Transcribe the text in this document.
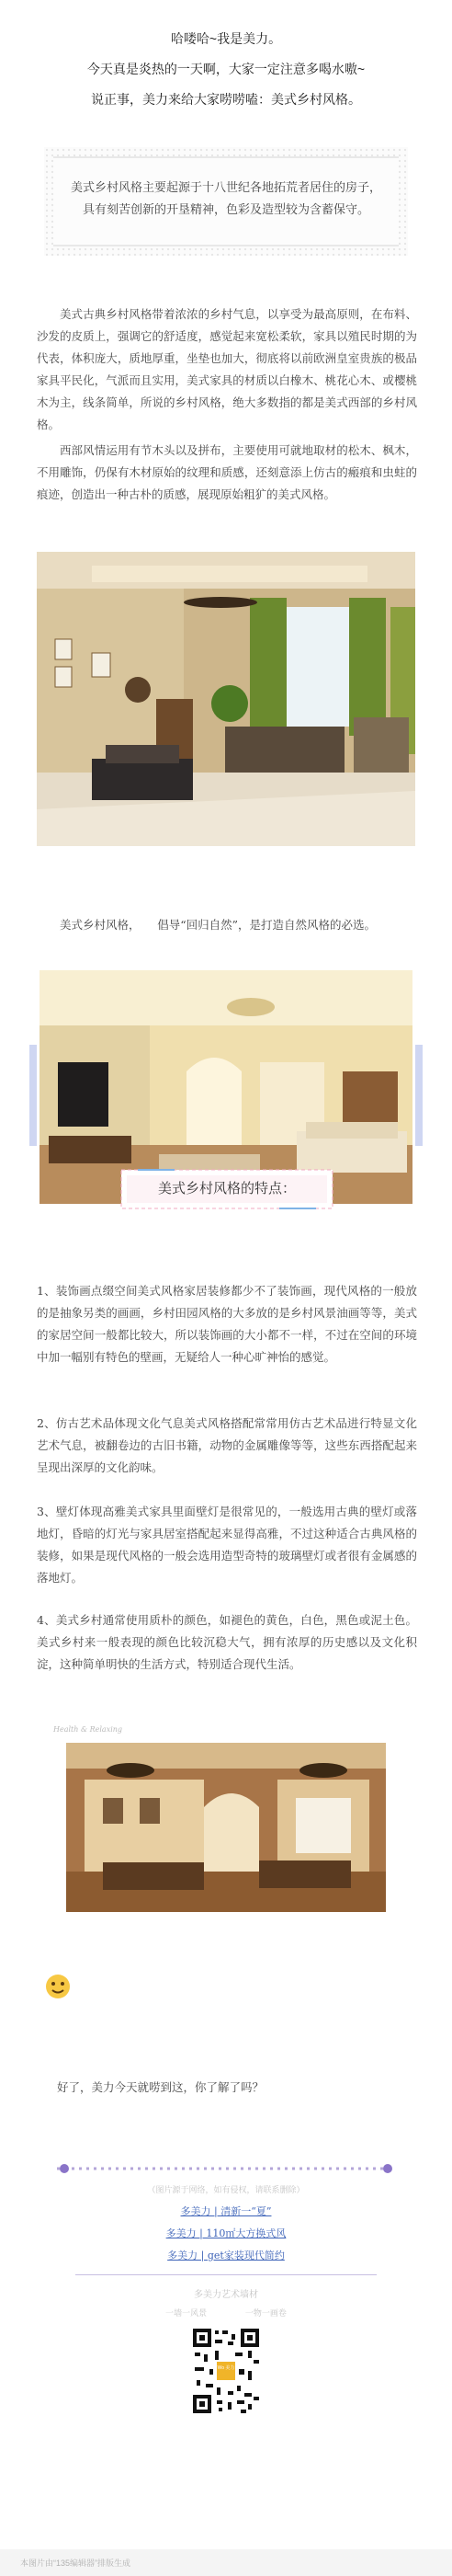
哈喽哈~我是美力。
今天真是炎热的一天啊，大家一定注意多喝水嗷~
说正事，美力来给大家唠唠嗑：美式乡村风格。
美式乡村风格主要起源于十八世纪各地拓荒者居住的房子，具有刻苦创新的开垦精神，色彩及造型较为含蓄保守。
美式古典乡村风格带着浓浓的乡村气息，以享受为最高原则，在布料、沙发的皮质上，强调它的舒适度，感觉起来宽松柔软，家具以殖民时期的为代表，体积庞大，质地厚重，坐垫也加大，彻底将以前欧洲皇室贵族的极品家具平民化，气派而且实用，美式家具的材质以白橡木、桃花心木、或樱桃木为主，线条简单，所说的乡村风格，绝大多数指的都是美式西部的乡村风格。
西部风情运用有节木头以及拼布，主要使用可就地取材的松木、枫木，不用雕饰，仍保有木材原始的纹理和质感，还刻意添上仿古的瘢痕和虫蛀的痕迹，创造出一种古朴的质感，展现原始粗犷的美式风格。
美式乡村风格，　　倡导“回归自然”，是打造自然风格的必选。
美式乡村风格的特点：
1、装饰画点缀空间美式风格家居装修都少不了装饰画，现代风格的一般放的是抽象另类的画画，乡村田园风格的大多放的是乡村风景油画等等，美式的家居空间一般都比较大，所以装饰画的大小都不一样，不过在空间的环境中加一幅别有特色的壁画，无疑给人一种心旷神怡的感觉。
2、仿古艺术品体现文化气息美式风格搭配常常用仿古艺术品进行特显文化艺术气息，被翻卷边的古旧书籍，动物的金属雕像等等，这些东西搭配起来呈现出深厚的文化韵味。
3、壁灯体现高雅美式家具里面壁灯是很常见的，一般选用古典的壁灯或落地灯，昏暗的灯光与家具居室搭配起来显得高雅，不过这种适合古典风格的装修，如果是现代风格的一般会选用造型奇特的玻璃壁灯或者很有金属感的落地灯。
4、美式乡村通常使用质朴的颜色，如褪色的黄色，白色，黑色或泥土色。美式乡村来一般表现的颜色比较沉稳大气，拥有浓厚的历史感以及文化积淀，这种简单明快的生活方式，特别适合现代生活。
Health & Relaxing
好了，美力今天就唠到这，你了解了吗？
（图片源于网络，如有侵权，请联系删除）
多美力 | 清新一“夏”
多美力 | 110㎡大方换式风
多美力 | get家装现代简约
多美力艺术墙材
一墙一风景	一物一画卷
Wo 美力
本图片由“135编辑器”排版生成
